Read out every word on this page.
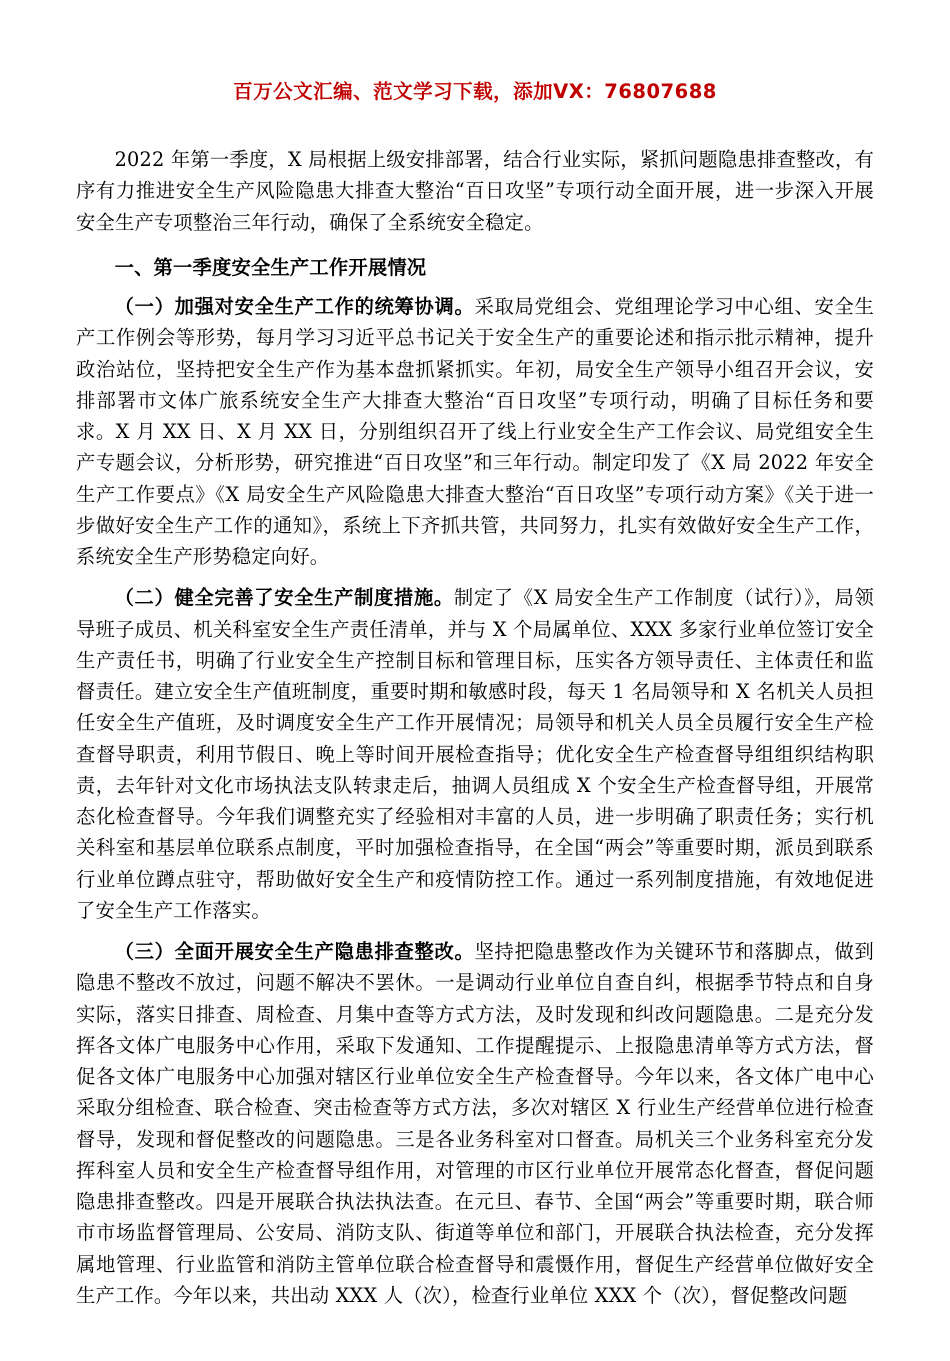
百万公文汇编、范文学习下载，添加VX：76807688

2022 年第一季度，X 局根据上级安排部署，结合行业实际，紧抓问题隐患排查整改，有序有力推进安全生产风险隐患大排查大整治“百日攻坚”专项行动全面开展，进一步深入开展安全生产专项整治三年行动，确保了全系统安全稳定。

一、第一季度安全生产工作开展情况

（一）加强对安全生产工作的统筹协调。采取局党组会、党组理论学习中心组、安全生产工作例会等形势，每月学习习近平总书记关于安全生产的重要论述和指示批示精神，提升政治站位，坚持把安全生产作为基本盘抓紧抓实。年初，局安全生产领导小组召开会议，安排部署市文体广旅系统安全生产大排查大整治“百日攻坚”专项行动，明确了目标任务和要求。X 月 XX 日、X 月 XX 日，分别组织召开了线上行业安全生产工作会议、局党组安全生产专题会议，分析形势，研究推进“百日攻坚”和三年行动。制定印发了《X 局 2022 年安全生产工作要点》《X 局安全生产风险隐患大排查大整治“百日攻坚”专项行动方案》《关于进一步做好安全生产工作的通知》，系统上下齐抓共管，共同努力，扎实有效做好安全生产工作，系统安全生产形势稳定向好。

（二）健全完善了安全生产制度措施。制定了《X 局安全生产工作制度（试行）》，局领导班子成员、机关科室安全生产责任清单，并与 X 个局属单位、XXX 多家行业单位签订安全生产责任书，明确了行业安全生产控制目标和管理目标，压实各方领导责任、主体责任和监督责任。建立安全生产值班制度，重要时期和敏感时段，每天 1 名局领导和 X 名机关人员担任安全生产值班，及时调度安全生产工作开展情况；局领导和机关人员全员履行安全生产检查督导职责，利用节假日、晚上等时间开展检查指导；优化安全生产检查督导组组织结构职责，去年针对文化市场执法支队转隶走后，抽调人员组成 X 个安全生产检查督导组，开展常态化检查督导。今年我们调整充实了经验相对丰富的人员，进一步明确了职责任务；实行机关科室和基层单位联系点制度，平时加强检查指导，在全国“两会”等重要时期，派员到联系行业单位蹲点驻守，帮助做好安全生产和疫情防控工作。通过一系列制度措施，有效地促进了安全生产工作落实。

（三）全面开展安全生产隐患排查整改。坚持把隐患整改作为关键环节和落脚点，做到隐患不整改不放过，问题不解决不罢休。一是调动行业单位自查自纠，根据季节特点和自身实际，落实日排查、周检查、月集中查等方式方法，及时发现和纠改问题隐患。二是充分发挥各文体广电服务中心作用，采取下发通知、工作提醒提示、上报隐患清单等方式方法，督促各文体广电服务中心加强对辖区行业单位安全生产检查督导。今年以来，各文体广电中心采取分组检查、联合检查、突击检查等方式方法，多次对辖区 X 行业生产经营单位进行检查督导，发现和督促整改的问题隐患。三是各业务科室对口督查。局机关三个业务科室充分发挥科室人员和安全生产检查督导组作用，对管理的市区行业单位开展常态化督查，督促问题隐患排查整改。四是开展联合执法执法查。在元旦、春节、全国“两会”等重要时期，联合师市市场监督管理局、公安局、消防支队、街道等单位和部门，开展联合执法检查，充分发挥属地管理、行业监管和消防主管单位联合检查督导和震慑作用，督促生产经营单位做好安全生产工作。今年以来，共出动 XXX 人（次），检查行业单位 XXX 个（次），督促整改问题
